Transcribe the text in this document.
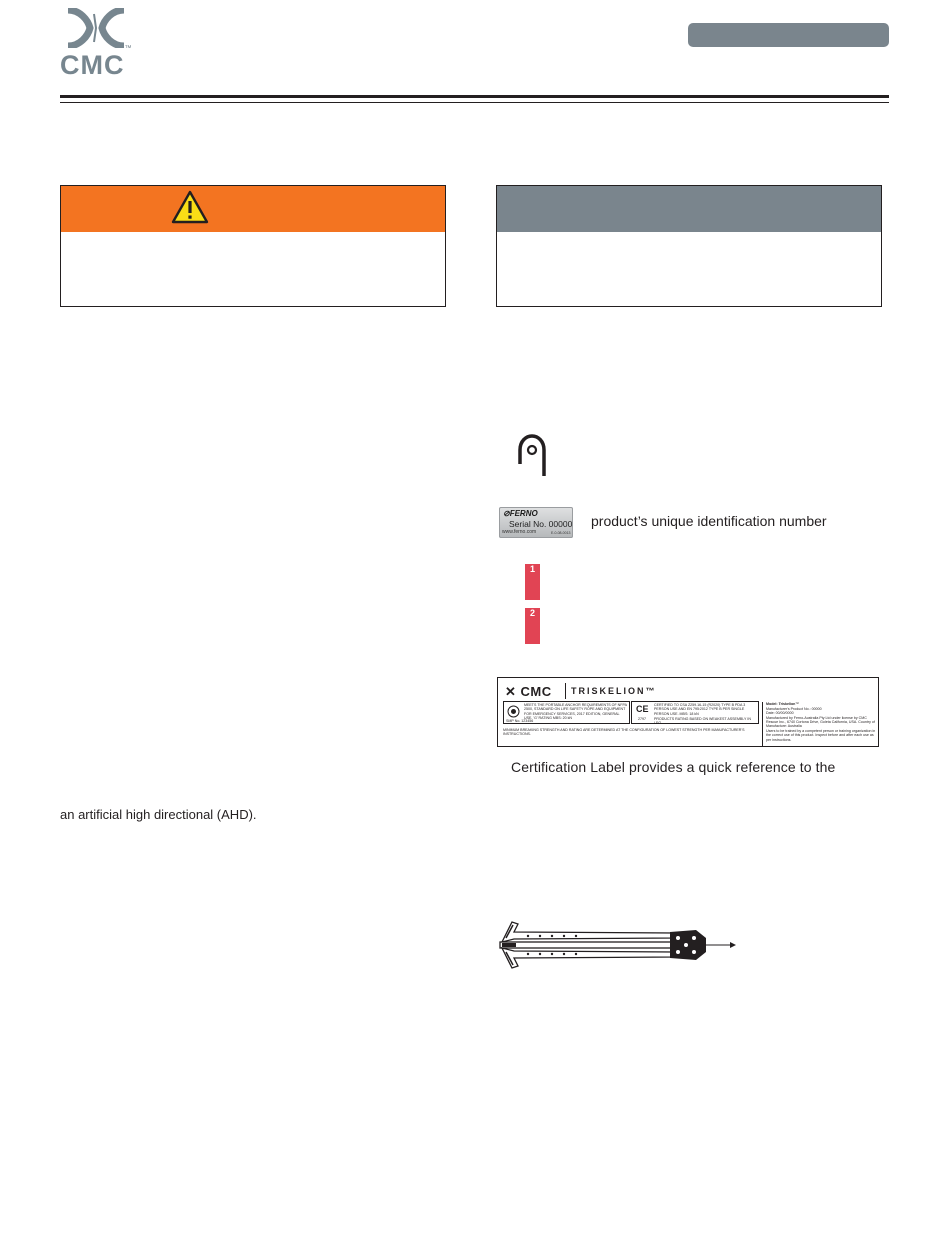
CMC™
⊘FERNO
Serial No. 00000
www.ferno.com	E-0-08-0013
product’s unique identification number
1
2
✕ CMC TRISKELION™
MEETS THE PORTABLE ANCHOR REQUIREMENTS OF NFPA 2500, STANDARD ON LIFE SAFETY ROPE AND EQUIPMENT FOR EMERGENCY SERVICES, 2017 EDITION, GENERAL USE. 'G' RATING MBS: 20 kN
SMP No. 123456
CE
2797
CERTIFIED TO CSA Z259.16-15 (R2020) TYPE B PDA 3 PERSON USE AND EN 795:2012 TYPE B PER SINGLE PERSON USE. MBS: 18 kN
PRODUCTS RATING BASED ON WEAKEST ASSEMBLY IN LEG.
MINIMUM BREAKING STRENGTH AND RATING ARE DETERMINED AT THE CONFIGURATION OF LOWEST STRENGTH PER MANUFACTURER'S INSTRUCTIONS.
Model: Triskelion™
Manufacturer's Product No.: 00000
Date: 00/00/0000
Manufactured by Ferno-Australia Pty Ltd under license by CMC Rescue Inc., 6740 Cortona Drive, Goleta California, USA. Country of Manufacture: Australia
Users to be trained by a competent person or training organization in the correct use of this product. Inspect before and after each use as per instructions.
Certification Label provides a quick reference to the
an artificial high directional (AHD).
